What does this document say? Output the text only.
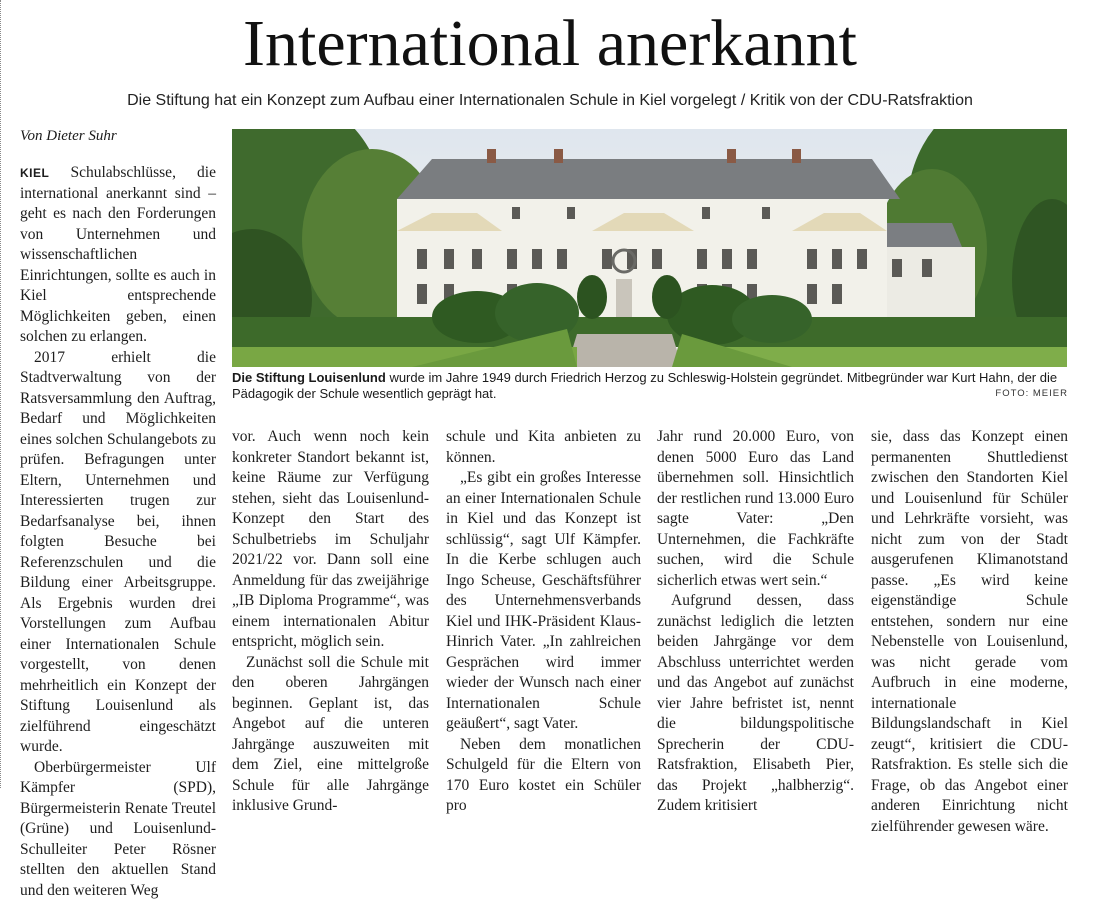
International anerkannt
Die Stiftung hat ein Konzept zum Aufbau einer Internationalen Schule in Kiel vorgelegt / Kritik von der CDU-Ratsfraktion
Von Dieter Suhr
Die Stiftung Louisenlund wurde im Jahre 1949 durch Friedrich Herzog zu Schleswig-Holstein gegründet. Mitbegründer war Kurt Hahn, der die Pädagogik der Schule wesentlich geprägt hat.	FOTO: MEIER

KIEL Schulabschlüsse, die international anerkannt sind – geht es nach den Forderungen von Unternehmen und wissenschaftlichen Einrichtungen, sollte es auch in Kiel entsprechende Möglichkeiten geben, einen solchen zu erlangen.

2017 erhielt die Stadtverwaltung von der Ratsversammlung den Auftrag, Bedarf und Möglichkeiten eines solchen Schulangebots zu prüfen. Befragungen unter Eltern, Unternehmen und Interessierten trugen zur Bedarfsanalyse bei, ihnen folgten Besuche bei Referenzschulen und die Bildung einer Arbeitsgruppe. Als Ergebnis wurden drei Vorstellungen zum Aufbau einer Internationalen Schule vorgestellt, von denen mehrheitlich ein Konzept der Stiftung Louisenlund als zielführend eingeschätzt wurde.

Oberbürgermeister Ulf Kämpfer (SPD), Bürgermeisterin Renate Treutel (Grüne) und Louisenlund-Schulleiter Peter Rösner stellten den aktuellen Stand und den weiteren Weg

vor. Auch wenn noch kein konkreter Standort bekannt ist, keine Räume zur Verfügung stehen, sieht das Louisenlund-Konzept den Start des Schulbetriebs im Schuljahr 2021/22 vor. Dann soll eine Anmeldung für das zweijährige „IB Diploma Programme“, was einem internationalen Abitur entspricht, möglich sein.

Zunächst soll die Schule mit den oberen Jahrgängen beginnen. Geplant ist, das Angebot auf die unteren Jahrgänge auszuweiten mit dem Ziel, eine mittelgroße Schule für alle Jahrgänge inklusive Grund-

schule und Kita anbieten zu können.

„Es gibt ein großes Interesse an einer Internationalen Schule in Kiel und das Konzept ist schlüssig“, sagt Ulf Kämpfer. In die Kerbe schlugen auch Ingo Scheuse, Geschäftsführer des Unternehmensverbands Kiel und IHK-Präsident Klaus-Hinrich Vater. „In zahlreichen Gesprächen wird immer wieder der Wunsch nach einer Internationalen Schule geäußert“, sagt Vater.

Neben dem monatlichen Schulgeld für die Eltern von 170 Euro kostet ein Schüler pro

Jahr rund 20.000 Euro, von denen 5000 Euro das Land übernehmen soll. Hinsichtlich der restlichen rund 13.000 Euro sagte Vater: „Den Unternehmen, die Fachkräfte suchen, wird die Schule sicherlich etwas wert sein.“

Aufgrund dessen, dass zunächst lediglich die letzten beiden Jahrgänge vor dem Abschluss unterrichtet werden und das Angebot auf zunächst vier Jahre befristet ist, nennt die bildungspolitische Sprecherin der CDU-Ratsfraktion, Elisabeth Pier, das Projekt „halbherzig“. Zudem kritisiert

sie, dass das Konzept einen permanenten Shuttledienst zwischen den Standorten Kiel und Louisenlund für Schüler und Lehrkräfte vorsieht, was nicht zum von der Stadt ausgerufenen Klimanotstand passe. „Es wird keine eigenständige Schule entstehen, sondern nur eine Nebenstelle von Louisenlund, was nicht gerade vom Aufbruch in eine moderne, internationale Bildungslandschaft in Kiel zeugt“, kritisiert die CDU-Ratsfraktion. Es stelle sich die Frage, ob das Angebot einer anderen Einrichtung nicht zielführender gewesen wäre.
